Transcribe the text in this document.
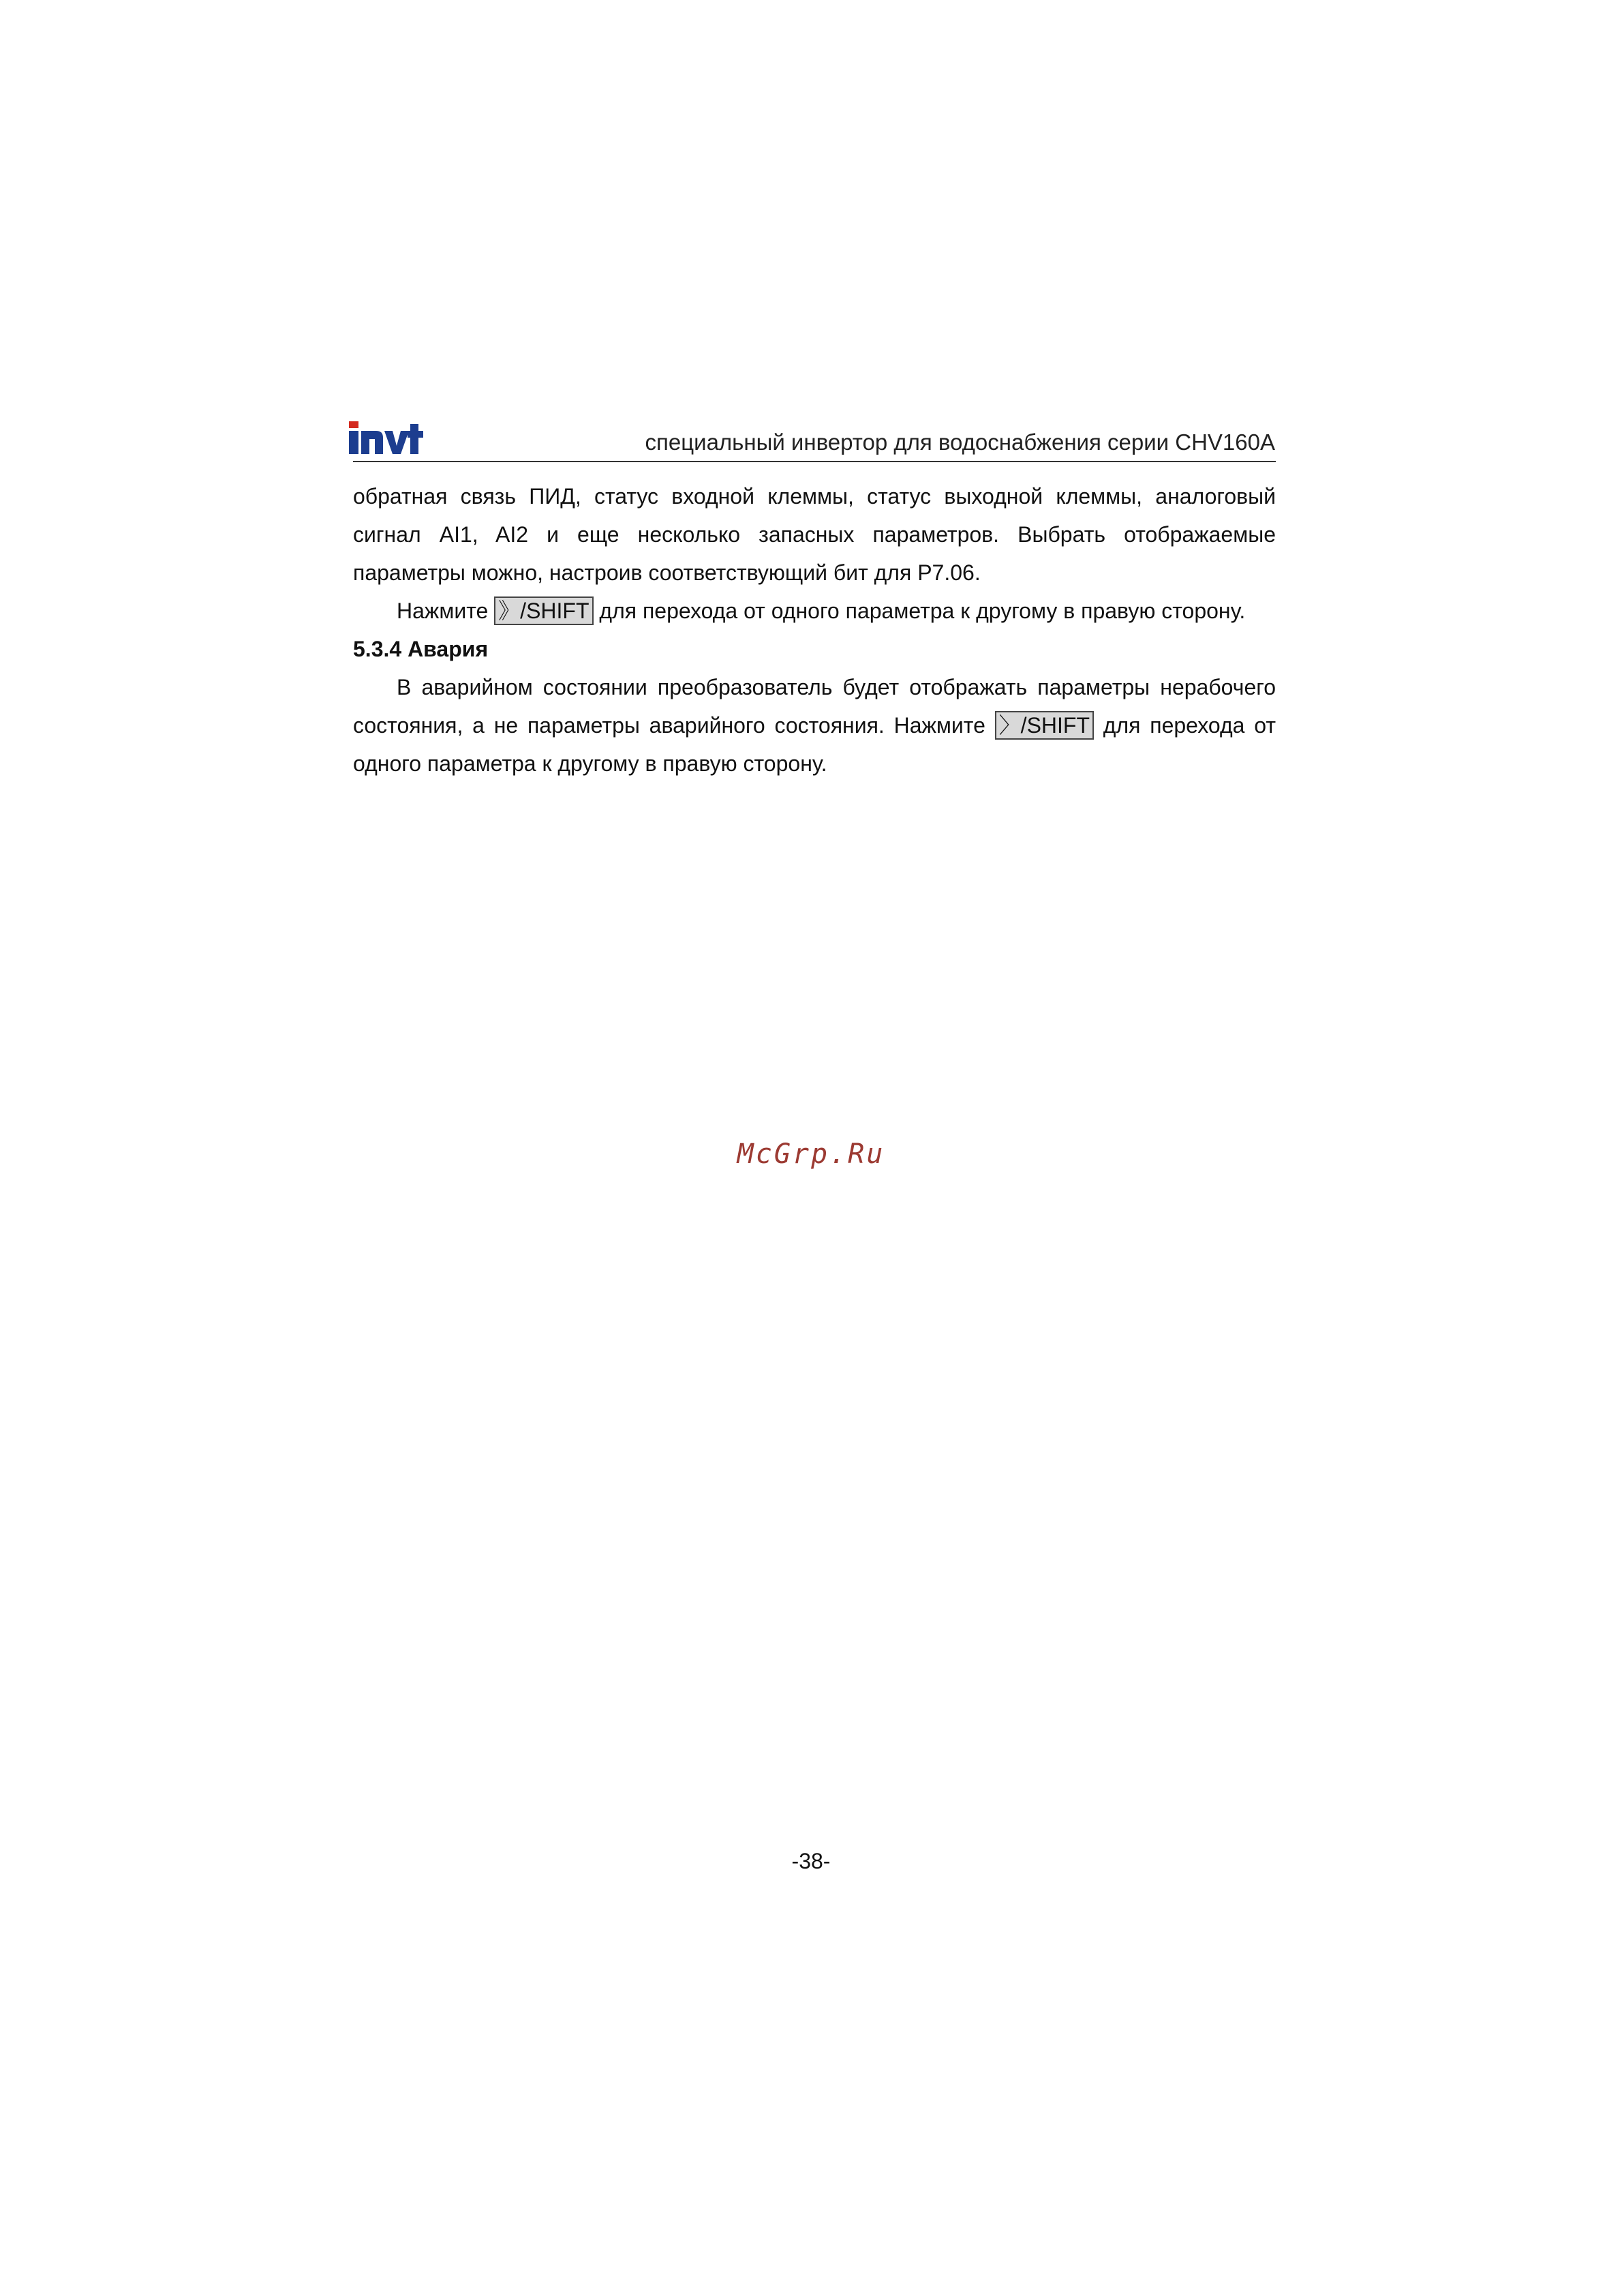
специальный инвертор для водоснабжения серии CHV160A

обратная связь ПИД, статус входной клеммы, статус выходной клеммы, аналоговый сигнал AI1, AI2 и еще несколько запасных параметров. Выбрать отображаемые параметры можно, настроив соответствующий бит для P7.06.

Нажмите 》/SHIFT для перехода от одного параметра к другому в правую сторону.

5.3.4 Авария

В аварийном состоянии преобразователь будет отображать параметры нерабочего состояния, а не параметры аварийного состояния. Нажмите 〉/SHIFT для перехода от одного параметра к другому в правую сторону.

McGrp.Ru
-38-
